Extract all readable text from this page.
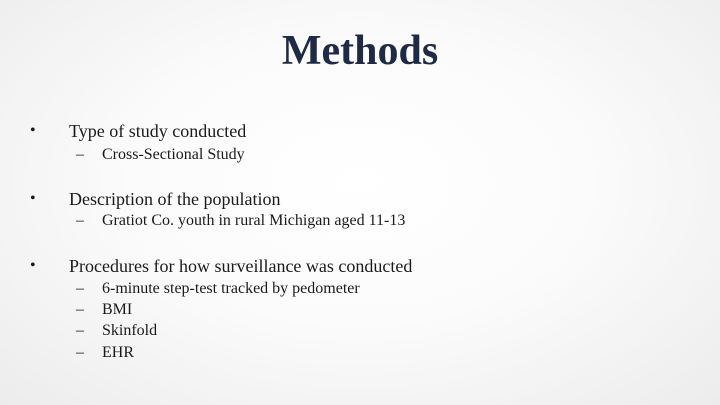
Methods
• Type of study conducted
– Cross-Sectional Study
• Description of the population
– Gratiot Co. youth in rural Michigan aged 11-13
• Procedures for how surveillance was conducted
– 6-minute step-test tracked by pedometer
– BMI
– Skinfold
– EHR
